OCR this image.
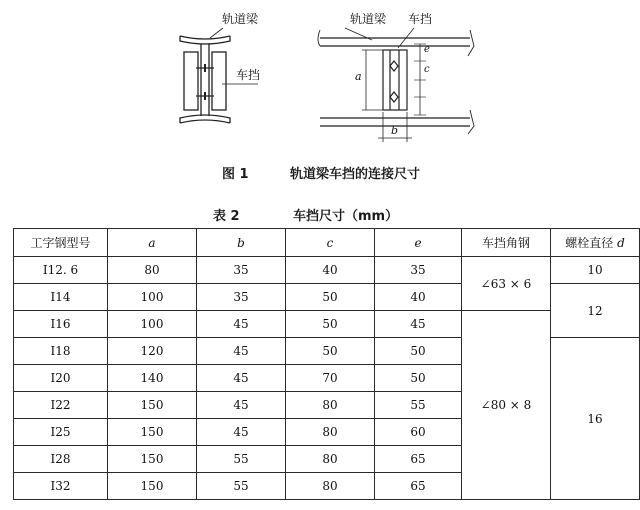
轨道梁
车挡
轨道梁 车挡
a
b
c
e
图 1	轨道梁车挡的连接尺寸
表 2	车挡尺寸（mm）
工字钢型号	a	b	c	e	车挡角钢	螺栓直径 d
I12. 6	80	35	40	35	∠63 × 6	10
I14	100	35	50	40		12
I16	100	45	50	45	∠80 × 8	
I18	120	45	50	50		16
I20	140	45	70	50		
I22	150	45	80	55		
I25	150	45	80	60		
I28	150	55	80	65		
I32	150	55	80	65		
